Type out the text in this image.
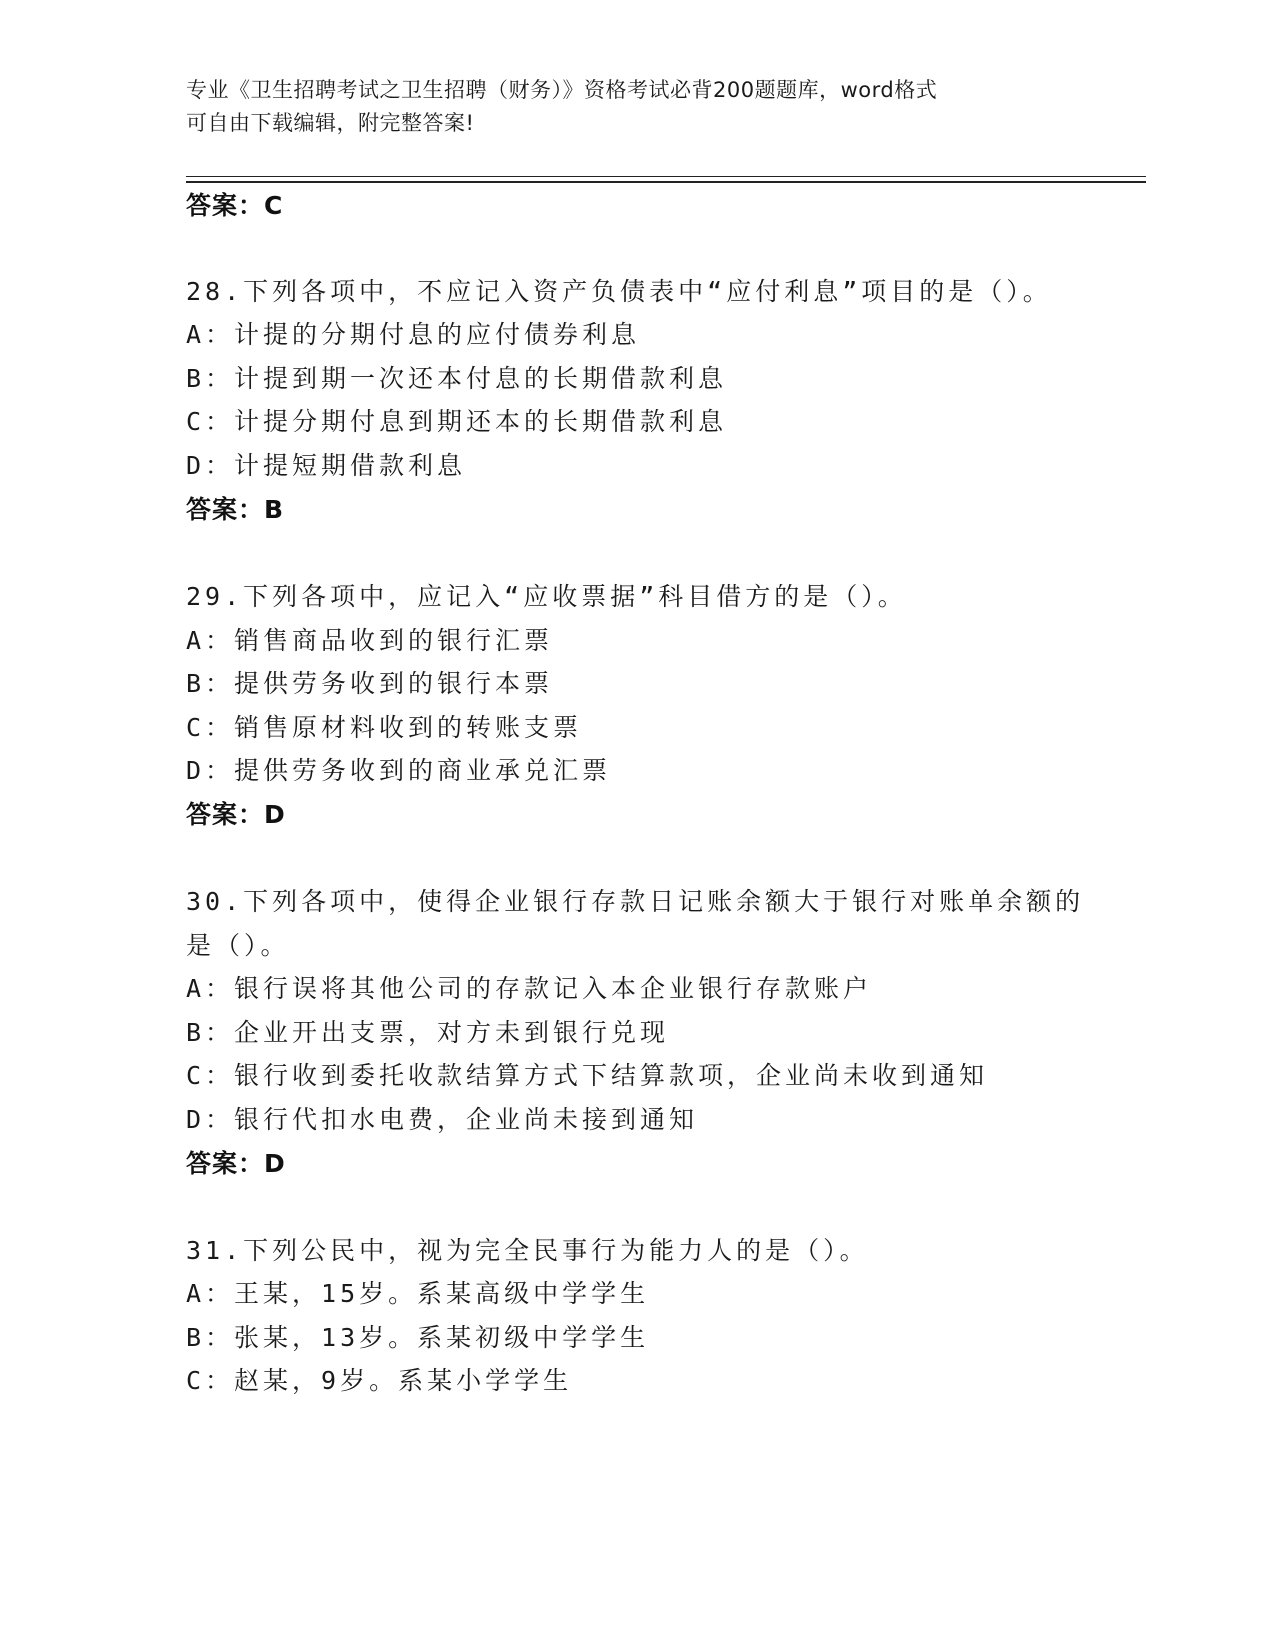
专业《卫生招聘考试之卫生招聘（财务）》资格考试必背200题题库，word格式
可自由下载编辑，附完整答案!
答案：C
28.下列各项中，不应记入资产负债表中“应付利息”项目的是（）。
A：计提的分期付息的应付债券利息
B：计提到期一次还本付息的长期借款利息
C：计提分期付息到期还本的长期借款利息
D：计提短期借款利息
答案：B
29.下列各项中，应记入“应收票据”科目借方的是（）。
A：销售商品收到的银行汇票
B：提供劳务收到的银行本票
C：销售原材料收到的转账支票
D：提供劳务收到的商业承兑汇票
答案：D
30.下列各项中，使得企业银行存款日记账余额大于银行对账单余额的
是（）。
A：银行误将其他公司的存款记入本企业银行存款账户
B：企业开出支票，对方未到银行兑现
C：银行收到委托收款结算方式下结算款项，企业尚未收到通知
D：银行代扣水电费，企业尚未接到通知
答案：D
31.下列公民中，视为完全民事行为能力人的是（）。
A：王某，15岁。系某高级中学学生
B：张某，13岁。系某初级中学学生
C：赵某，9岁。系某小学学生
